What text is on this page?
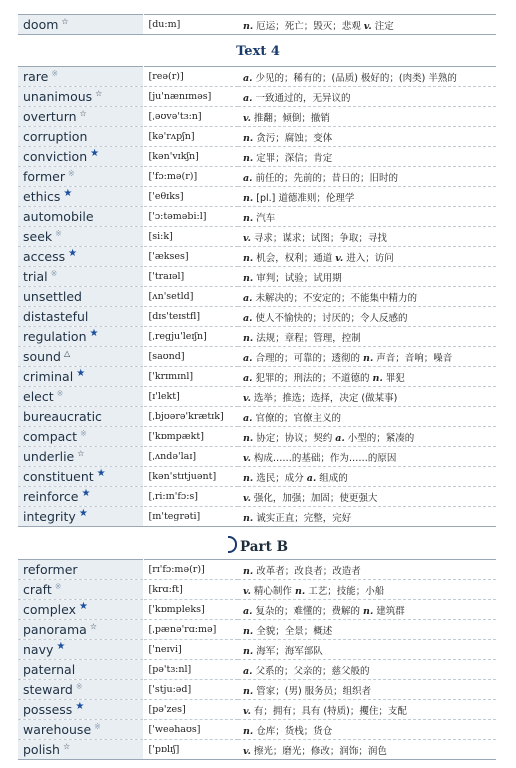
doom ☆	[du:m]	n. 厄运；死亡；毁灭；悲观 v. 注定
Text 4
rare ※	[reə(r)]	a. 少见的；稀有的；(品质) 极好的；(肉类) 半熟的
unanimous ☆	[ju'nænɪməs]	a. 一致通过的，无异议的
overturn ☆	[ˌəʊvə'tɜ:n]	v. 推翻；倾倒；撤销
corruption	[kə'rʌpʃn]	n. 贪污；腐蚀；变体
conviction ★	[kən'vɪkʃn]	n. 定罪；深信；肯定
former ※	['fɔ:mə(r)]	a. 前任的；先前的；昔日的；旧时的
ethics ★	['eθɪks]	n. [pl.] 道德准则；伦理学
automobile	['ɔ:təməbi:l]	n. 汽车
seek ※	[si:k]	v. 寻求；谋求；试图；争取；寻找
access ★	['ækses]	n. 机会，权利；通道 v. 进入；访问
trial ※	['traɪəl]	n. 审判；试验；试用期
unsettled	[ʌn'setld]	a. 未解决的；不安定的；不能集中精力的
distasteful	[dɪs'teɪstfl]	a. 使人不愉快的；讨厌的；令人反感的
regulation ★	[ˌregju'leɪʃn]	n. 法规；章程；管理，控制
sound △	[saʊnd]	a. 合理的；可靠的；透彻的 n. 声音；音响；噪音
criminal ★	['krɪmɪnl]	a. 犯罪的；刑法的；不道德的 n. 罪犯
elect ※	[ɪ'lekt]	v. 选举；推选；选择，决定 (做某事)
bureaucratic	[ˌbjʊərə'krætɪk]	a. 官僚的；官僚主义的
compact ※	['kɒmpækt]	n. 协定；协议；契约 a. 小型的；紧凑的
underlie ☆	[ˌʌndə'laɪ]	v. 构成……的基础；作为……的原因
constituent ★	[kən'stɪtjuənt]	n. 选民；成分 a. 组成的
reinforce ★	[ˌri:ɪn'fɔ:s]	v. 强化，加强；加固；使更强大
integrity ★	[ɪn'tegrəti]	n. 诚实正直；完整，完好
Part B
reformer	[rɪ'fɔ:mə(r)]	n. 改革者；改良者；改造者
craft ※	[krɑ:ft]	v. 精心制作 n. 工艺；技能；小船
complex ★	['kɒmpleks]	a. 复杂的；难懂的；费解的 n. 建筑群
panorama ☆	[ˌpænə'rɑ:mə]	n. 全貌；全景；概述
navy ★	['neɪvi]	n. 海军；海军部队
paternal	[pə'tɜ:nl]	a. 父系的；父亲的；慈父般的
steward ※	['stju:əd]	n. 管家；(男) 服务员；组织者
possess ★	[pə'zes]	v. 有；拥有；具有 (特质)；攫住；支配
warehouse ※	['weəhaʊs]	n. 仓库；货栈；货仓
polish ☆	['pɒlɪʃ]	v. 擦光；磨光；修改；润饰；润色
